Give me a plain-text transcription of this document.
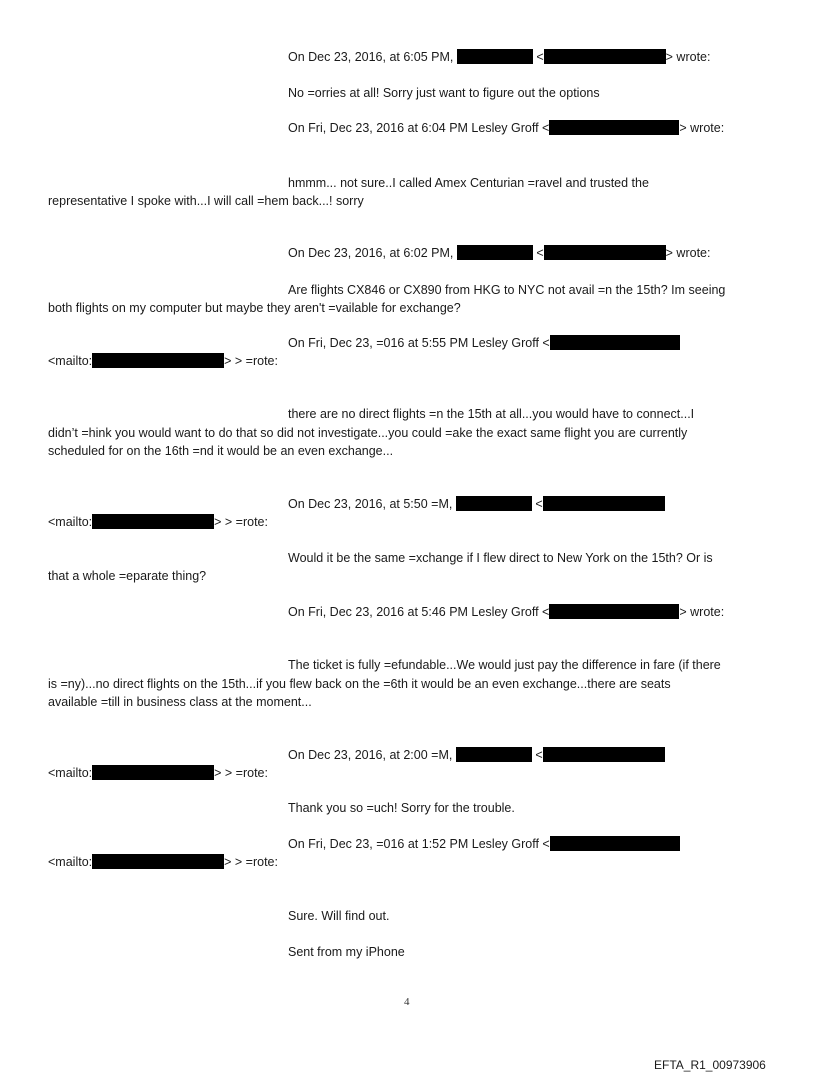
On Dec 23, 2016, at 6:05 PM,	<	> wrote:
No =orries at all! Sorry just want to figure out the options
On Fri, Dec 23, 2016 at 6:04 PM Lesley Groff <	> wrote:
hmmm... not sure..I called Amex Centurian =ravel and trusted the
representative I spoke with...I will call =hem back...! sorry
On Dec 23, 2016, at 6:02 PM,	<	> wrote:
Are flights CX846 or CX890 from HKG to NYC not avail =n the 15th? Im seeing
both flights on my computer but maybe they aren't =vailable for exchange?
On Fri, Dec 23, =016 at 5:55 PM Lesley Groff <
<mailto:	> > =rote:
there are no direct flights =n the 15th at all...you would have to connect...I
didn’t =hink you would want to do that so did not investigate...you could =ake the exact same flight you are currently
scheduled for on the 16th =nd it would be an even exchange...
On Dec 23, 2016, at 5:50 =M,	<
<mailto:	> > =rote:
Would it be the same =xchange if I flew direct to New York on the 15th? Or is
that a whole =eparate thing?
On Fri, Dec 23, 2016 at 5:46 PM Lesley Groff <	> wrote:
The ticket is fully =efundable...We would just pay the difference in fare (if there
is =ny)...no direct flights on the 15th...if you flew back on the =6th it would be an even exchange...there are seats
available =till in business class at the moment...
On Dec 23, 2016, at 2:00 =M,	<
<mailto:	> > =rote:
Thank you so =uch! Sorry for the trouble.
On Fri, Dec 23, =016 at 1:52 PM Lesley Groff <
<mailto:	> > =rote:
Sure. Will find out.
Sent from my iPhone
4
EFTA_R1_00973906
